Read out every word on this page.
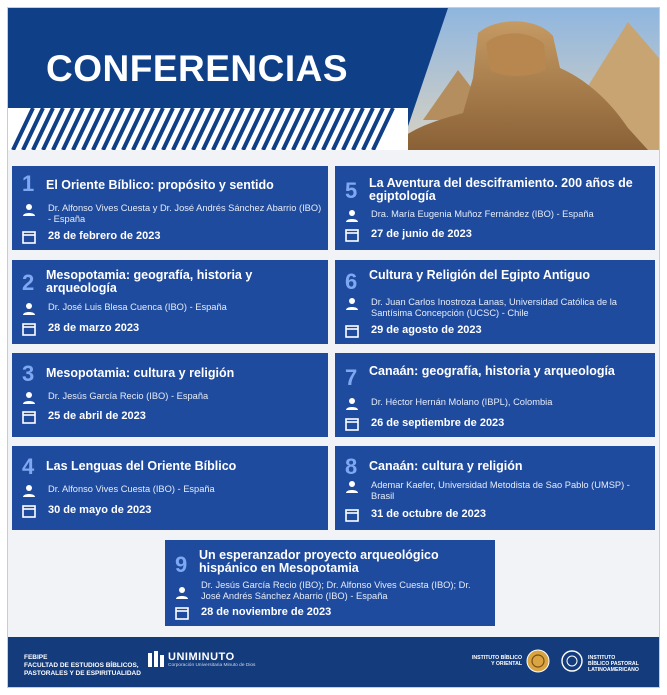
CONFERENCIAS
1 El Oriente Bíblico: propósito y sentido
Dr. Alfonso Vives Cuesta y Dr. José Andrés Sánchez Abarrio (IBO) - España
28 de febrero de 2023
2 Mesopotamia: geografía, historia y arqueología
Dr. José Luis Blesa Cuenca (IBO) - España
28 de marzo 2023
3 Mesopotamia: cultura y religión
Dr. Jesús García Recio (IBO) - España
25 de abril de 2023
4 Las Lenguas del Oriente Bíblico
Dr. Alfonso Vives Cuesta (IBO) - España
30 de mayo de 2023
5 La Aventura del desciframiento. 200 años de egiptología
Dra. María Eugenia Muñoz Fernández (IBO) - España
27 de junio de 2023
6 Cultura y Religión del Egipto Antiguo
Dr. Juan Carlos Inostroza Lanas, Universidad Católica de la Santísima Concepción (UCSC) - Chile
29 de agosto de 2023
7 Canaán: geografía, historia y arqueología
Dr. Héctor Hernán Molano (IBPL), Colombia
26 de septiembre de 2023
8 Canaán: cultura y religión
Ademar Kaefer, Universidad Metodista de Sao Pablo (UMSP) - Brasil
31 de octubre de 2023
9 Un esperanzador proyecto arqueológico hispánico en Mesopotamia
Dr. Jesús García Recio (IBO); Dr. Alfonso Vives Cuesta (IBO); Dr. José Andrés Sánchez Abarrio (IBO) - España
28 de noviembre de 2023
FEBIPE
FACULTAD DE ESTUDIOS BÍBLICOS,
PASTORALES Y DE ESPIRITUALIDAD
UNIMINUTO
Corporación Universitaria Minuto de Dios
INSTITUTO BÍBLICO
Y ORIENTAL
INSTITUTO
BÍBLICO PASTORAL
LATINOAMERICANO
